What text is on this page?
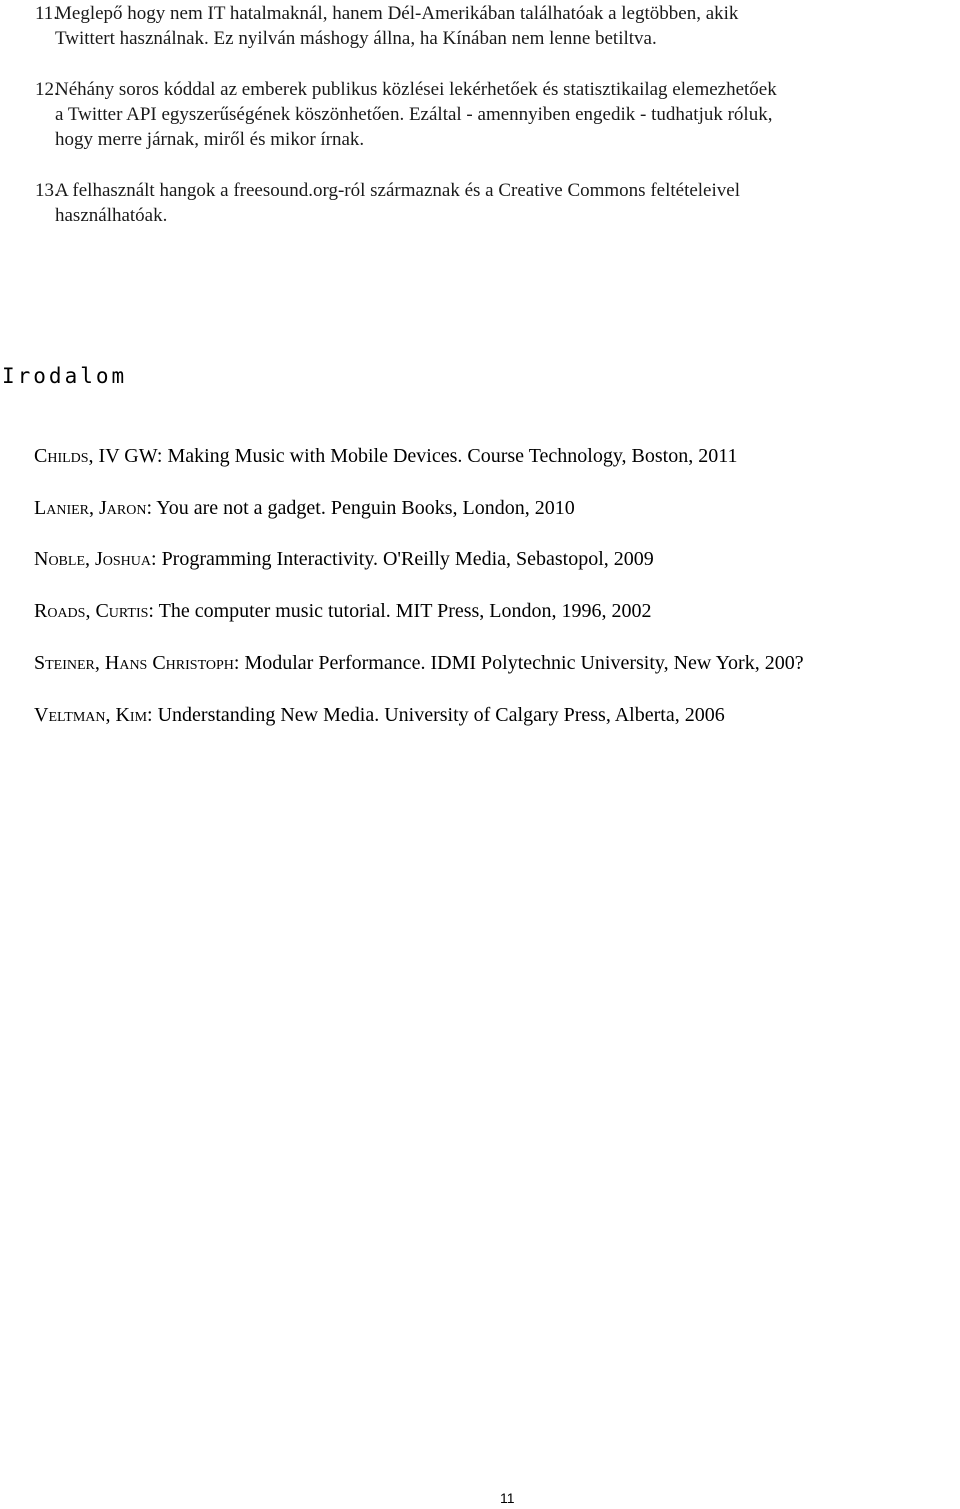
11.
Meglepő hogy nem IT hatalmaknál, hanem Dél-Amerikában találhatóak a legtöbben, akik
Twittert használnak. Ez nyilván máshogy állna, ha Kínában nem lenne betiltva.
12.
Néhány soros kóddal az emberek publikus közlései lekérhetőek és statisztikailag elemezhetőek
a Twitter API egyszerűségének köszönhetően. Ezáltal - amennyiben engedik - tudhatjuk róluk,
hogy merre járnak, miről és mikor írnak.
13.
A felhasznált hangok a freesound.org-ról származnak és a Creative Commons feltételeivel
használhatóak.
Irodalom
Childs, IV GW: Making Music with Mobile Devices. Course Technology, Boston, 2011
Lanier, Jaron: You are not a gadget. Penguin Books, London, 2010
Noble, Joshua: Programming Interactivity. O'Reilly Media, Sebastopol, 2009
Roads, Curtis: The computer music tutorial. MIT Press, London, 1996, 2002
Steiner, Hans Christoph: Modular Performance. IDMI Polytechnic University, New York, 200?
Veltman, Kim: Understanding New Media. University of Calgary Press, Alberta, 2006
11
